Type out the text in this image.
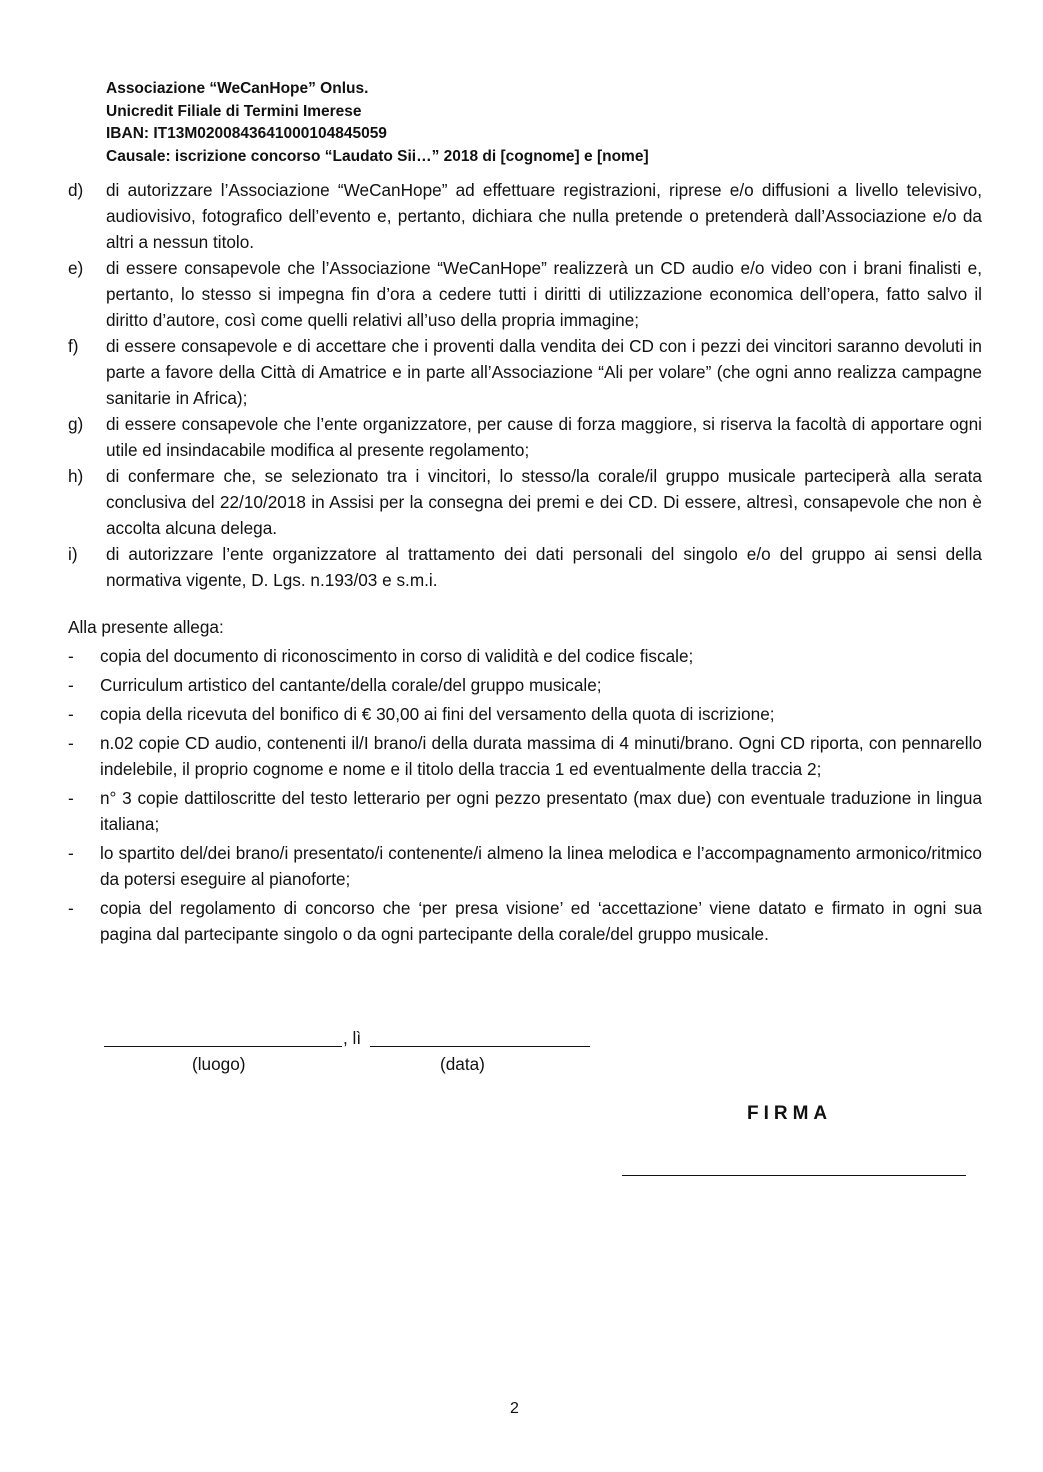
Associazione “WeCanHope” Onlus.
Unicredit Filiale di Termini Imerese
IBAN: IT13M0200843641000104845059
Causale: iscrizione concorso “Laudato Sii…” 2018 di [cognome] e [nome]
d) di autorizzare l’Associazione “WeCanHope” ad effettuare registrazioni, riprese e/o diffusioni a livello televisivo, audiovisivo, fotografico dell’evento e, pertanto, dichiara che nulla pretende o pretenderà dall’Associazione e/o da altri a nessun titolo.
e) di essere consapevole che l’Associazione “WeCanHope” realizzerà un CD audio e/o video con i brani finalisti e, pertanto, lo stesso si impegna fin d’ora a cedere tutti i diritti di utilizzazione economica dell’opera, fatto salvo il diritto d’autore, così come quelli relativi all’uso della propria immagine;
f) di essere consapevole e di accettare che i proventi dalla vendita dei CD con i pezzi dei vincitori saranno devoluti in parte a favore della Città di Amatrice e in parte all’Associazione “Ali per volare” (che ogni anno realizza campagne sanitarie in Africa);
g) di essere consapevole che l’ente organizzatore, per cause di forza maggiore, si riserva la facoltà di apportare ogni utile ed insindacabile modifica al presente regolamento;
h) di confermare che, se selezionato tra i vincitori, lo stesso/la corale/il gruppo musicale parteciperà alla serata conclusiva del 22/10/2018 in Assisi per la consegna dei premi e dei CD. Di essere, altresì, consapevole che non è accolta alcuna delega.
i) di autorizzare l’ente organizzatore al trattamento dei dati personali del singolo e/o del gruppo ai sensi della normativa vigente, D. Lgs. n.193/03 e s.m.i.
Alla presente allega:
- copia del documento di riconoscimento in corso di validità e del codice fiscale;
- Curriculum artistico del cantante/della corale/del gruppo musicale;
- copia della ricevuta del bonifico di € 30,00 ai fini del versamento della quota di iscrizione;
- n.02 copie CD audio, contenenti il/I brano/i della durata massima di 4 minuti/brano. Ogni CD riporta, con pennarello indelebile, il proprio cognome e nome e il titolo della traccia 1 ed eventualmente della traccia 2;
- n° 3 copie dattiloscritte del testo letterario per ogni pezzo presentato (max due) con eventuale traduzione in lingua italiana;
- lo spartito del/dei brano/i presentato/i contenente/i almeno la linea melodica e l’accompagnamento armonico/ritmico da potersi eseguire al pianoforte;
- copia del regolamento di concorso che ‘per presa visione’ ed ‘accettazione’ viene datato e firmato in ogni sua pagina dal partecipante singolo o da ogni partecipante della corale/del gruppo musicale.
, lì
(luogo)	(data)
FIRMA
2
